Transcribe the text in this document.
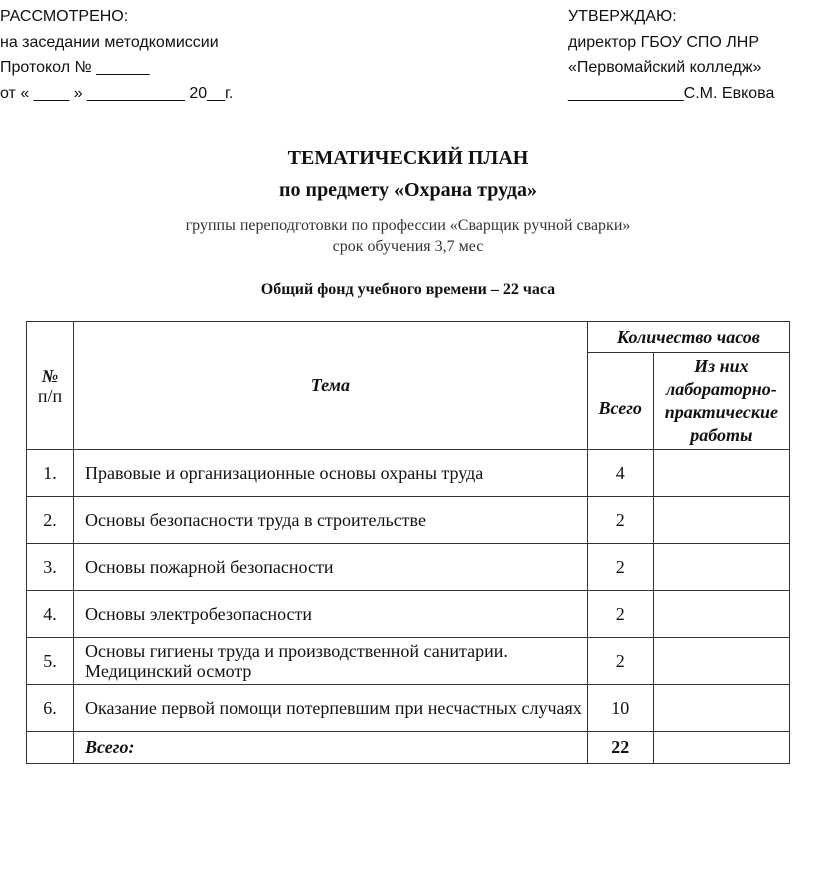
РАССМОТРЕНО:
на заседании методкомиссии
Протокол № ______
от « ____ » ___________ 20__г.
УТВЕРЖДАЮ:
директор ГБОУ СПО ЛНР
«Первомайский колледж»
_____________С.М. Евкова
ТЕМАТИЧЕСКИЙ ПЛАН
по предмету «Охрана труда»
группы переподготовки по профессии «Сварщик ручной сварки»
срок обучения 3,7 мес
Общий фонд учебного времени – 22 часа
№
п/п	Тема	Количество часов	
		Всего	Из них лабораторно-практические работы
1.	Правовые и организационные основы охраны труда	4	
2.	Основы безопасности труда в строительстве	2	
3.	Основы пожарной безопасности	2	
4.	Основы электробезопасности	2	
5.	Основы гигиены труда и производственной санитарии. Медицинский осмотр	2	
6.	Оказание первой помощи потерпевшим при несчастных случаях	10	
	Всего:	22	
